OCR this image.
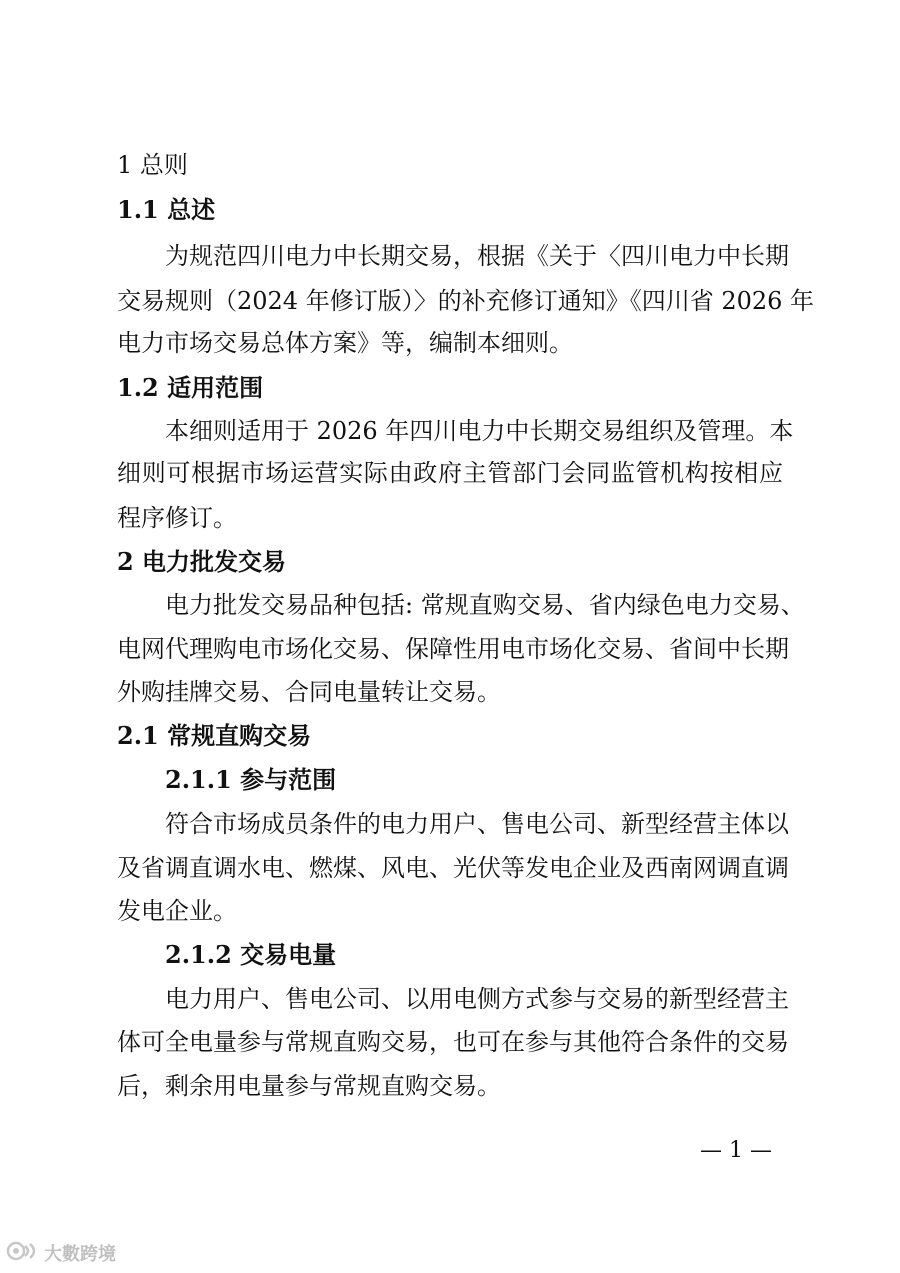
1 总则
1.1 总述
为规范四川电力中长期交易，根据《关于〈四川电力中长期
交易规则（2024 年修订版）〉的补充修订通知》《四川省 2026 年
电力市场交易总体方案》等，编制本细则。
1.2 适用范围
本细则适用于 2026 年四川电力中长期交易组织及管理。本
细则可根据市场运营实际由政府主管部门会同监管机构按相应
程序修订。
2 电力批发交易
电力批发交易品种包括: 常规直购交易、省内绿色电力交易、
电网代理购电市场化交易、保障性用电市场化交易、省间中长期
外购挂牌交易、合同电量转让交易。
2.1 常规直购交易
2.1.1 参与范围
符合市场成员条件的电力用户、售电公司、新型经营主体以
及省调直调水电、燃煤、风电、光伏等发电企业及西南网调直调
发电企业。
2.1.2 交易电量
电力用户、售电公司、以用电侧方式参与交易的新型经营主
体可全电量参与常规直购交易，也可在参与其他符合条件的交易
后，剩余用电量参与常规直购交易。
— 1 —
大數跨境
